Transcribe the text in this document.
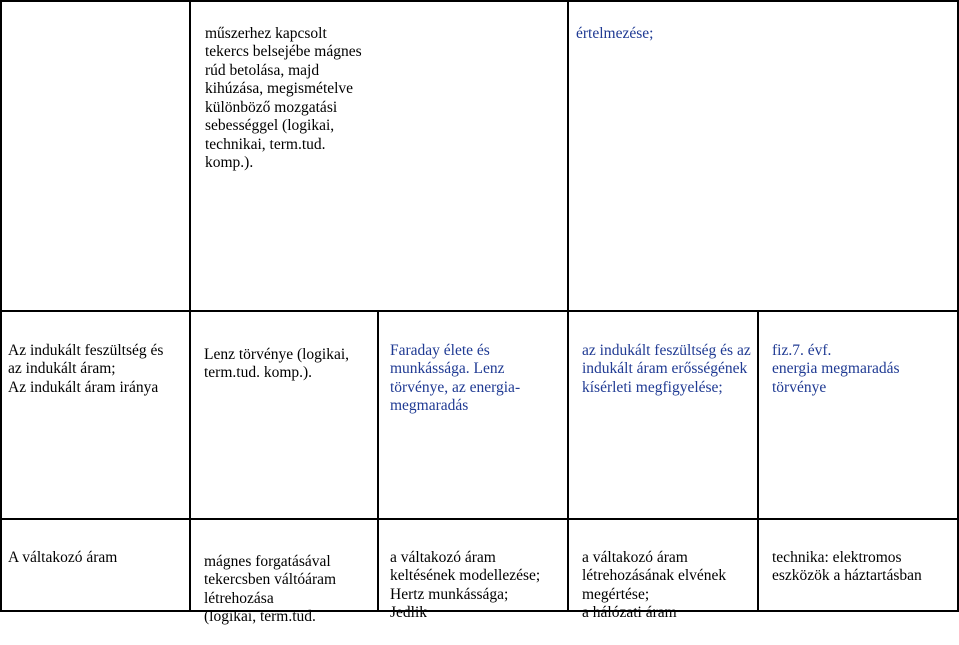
műszerhez kapcsolt
tekercs belsejébe mágnes
rúd betolása, majd
kihúzása, megismételve
különböző mozgatási
sebességgel (logikai,
technikai, term.tud.
komp.).

értelmezése;

Az indukált feszültség és
az indukált áram;
Az indukált áram iránya

Lenz törvénye (logikai,
term.tud. komp.).

Faraday élete és
munkássága. Lenz
törvénye, az energia-
megmaradás

az indukált feszültség és az
indukált áram erősségének
kísérleti megfigyelése;

fiz.7. évf.
energia megmaradás
törvénye

A váltakozó áram	mágnes forgatásával
tekercsben váltóáram
létrehozása
(logikai, term.tud.

a váltakozó áram
keltésének modellezése;
Hertz munkássága;
Jedlik

a váltakozó áram
létrehozásának elvének
megértése;
a hálózati áram

technika: elektromos
eszközök a háztartásban
